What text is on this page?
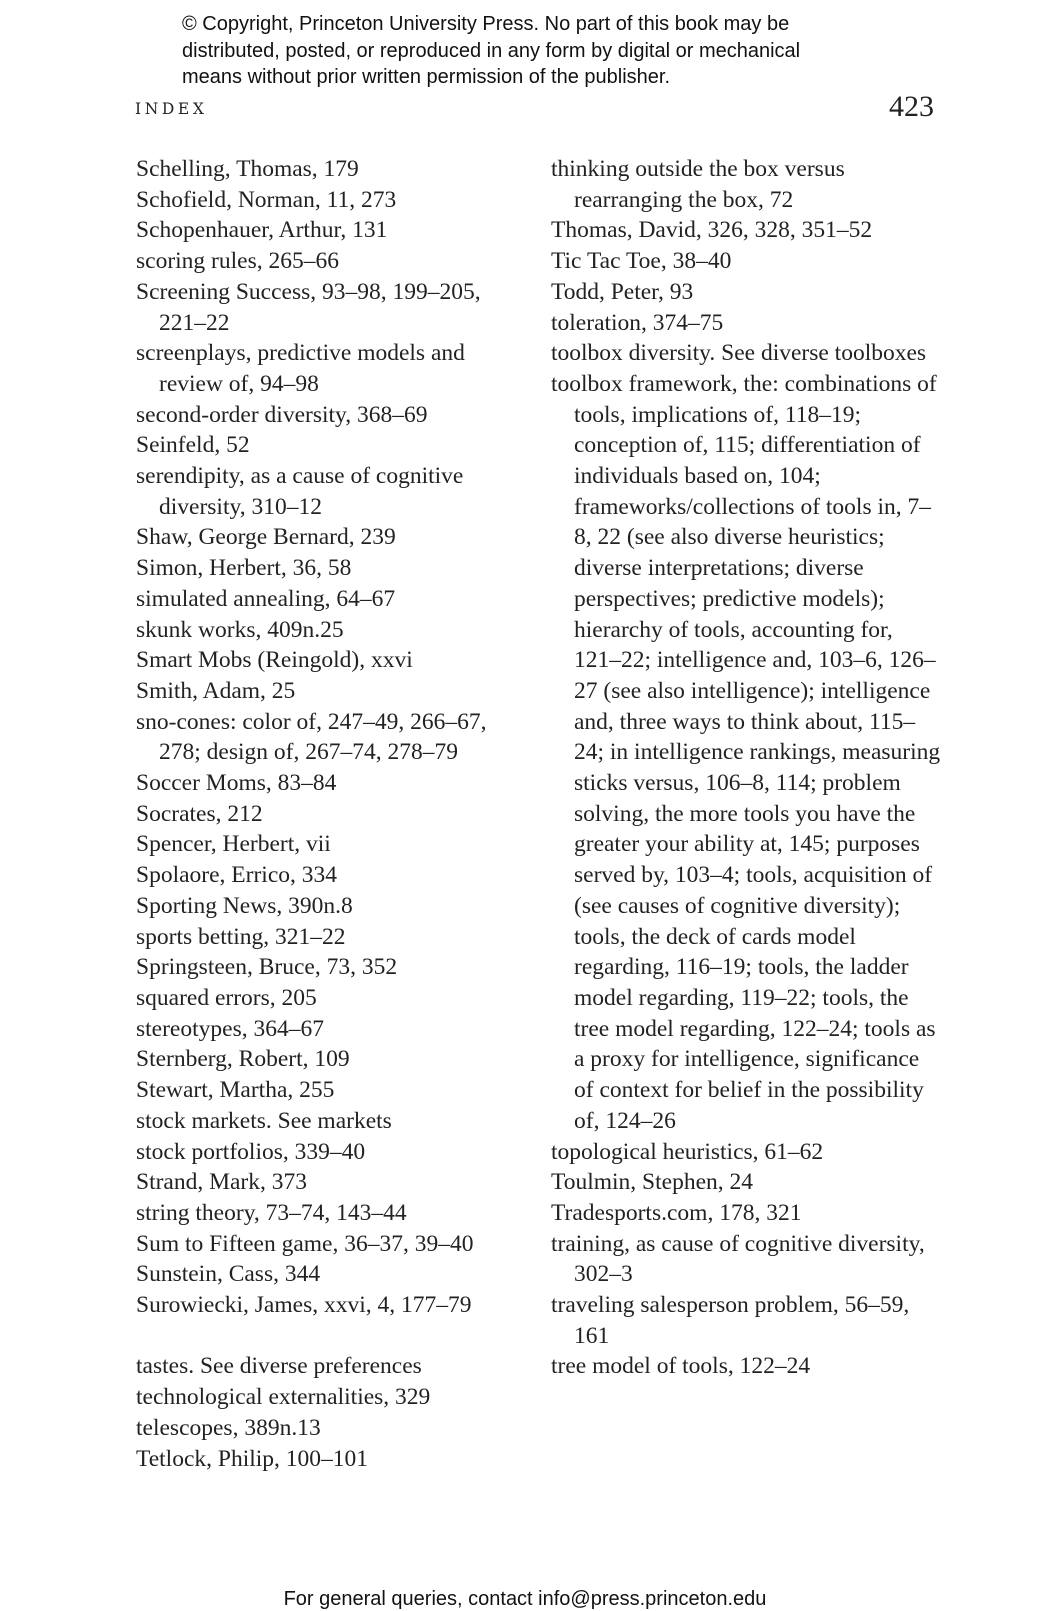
© Copyright, Princeton University Press. No part of this book may be
distributed, posted, or reproduced in any form by digital or mechanical
means without prior written permission of the publisher.
INDEX	423
Schelling, Thomas, 179
Schofield, Norman, 11, 273
Schopenhauer, Arthur, 131
scoring rules, 265–66
Screening Success, 93–98, 199–205, 221–22
screenplays, predictive models and review of, 94–98
second-order diversity, 368–69
Seinfeld, 52
serendipity, as a cause of cognitive diversity, 310–12
Shaw, George Bernard, 239
Simon, Herbert, 36, 58
simulated annealing, 64–67
skunk works, 409n.25
Smart Mobs (Reingold), xxvi
Smith, Adam, 25
sno-cones: color of, 247–49, 266–67, 278; design of, 267–74, 278–79
Soccer Moms, 83–84
Socrates, 212
Spencer, Herbert, vii
Spolaore, Errico, 334
Sporting News, 390n.8
sports betting, 321–22
Springsteen, Bruce, 73, 352
squared errors, 205
stereotypes, 364–67
Sternberg, Robert, 109
Stewart, Martha, 255
stock markets. See markets
stock portfolios, 339–40
Strand, Mark, 373
string theory, 73–74, 143–44
Sum to Fifteen game, 36–37, 39–40
Sunstein, Cass, 344
Surowiecki, James, xxvi, 4, 177–79
tastes. See diverse preferences
technological externalities, 329
telescopes, 389n.13
Tetlock, Philip, 100–101
thinking outside the box versus rearranging the box, 72
Thomas, David, 326, 328, 351–52
Tic Tac Toe, 38–40
Todd, Peter, 93
toleration, 374–75
toolbox diversity. See diverse toolboxes
toolbox framework, the: combinations of tools, implications of, 118–19; conception of, 115; differentiation of individuals based on, 104; frameworks/collections of tools in, 7–8, 22 (see also diverse heuristics; diverse interpretations; diverse perspectives; predictive models); hierarchy of tools, accounting for, 121–22; intelligence and, 103–6, 126–27 (see also intelligence); intelligence and, three ways to think about, 115–24; in intelligence rankings, measuring sticks versus, 106–8, 114; problem solving, the more tools you have the greater your ability at, 145; purposes served by, 103–4; tools, acquisition of (see causes of cognitive diversity); tools, the deck of cards model regarding, 116–19; tools, the ladder model regarding, 119–22; tools, the tree model regarding, 122–24; tools as a proxy for intelligence, significance of context for belief in the possibility of, 124–26
topological heuristics, 61–62
Toulmin, Stephen, 24
Tradesports.com, 178, 321
training, as cause of cognitive diversity, 302–3
traveling salesperson problem, 56–59, 161
tree model of tools, 122–24
For general queries, contact info@press.princeton.edu
